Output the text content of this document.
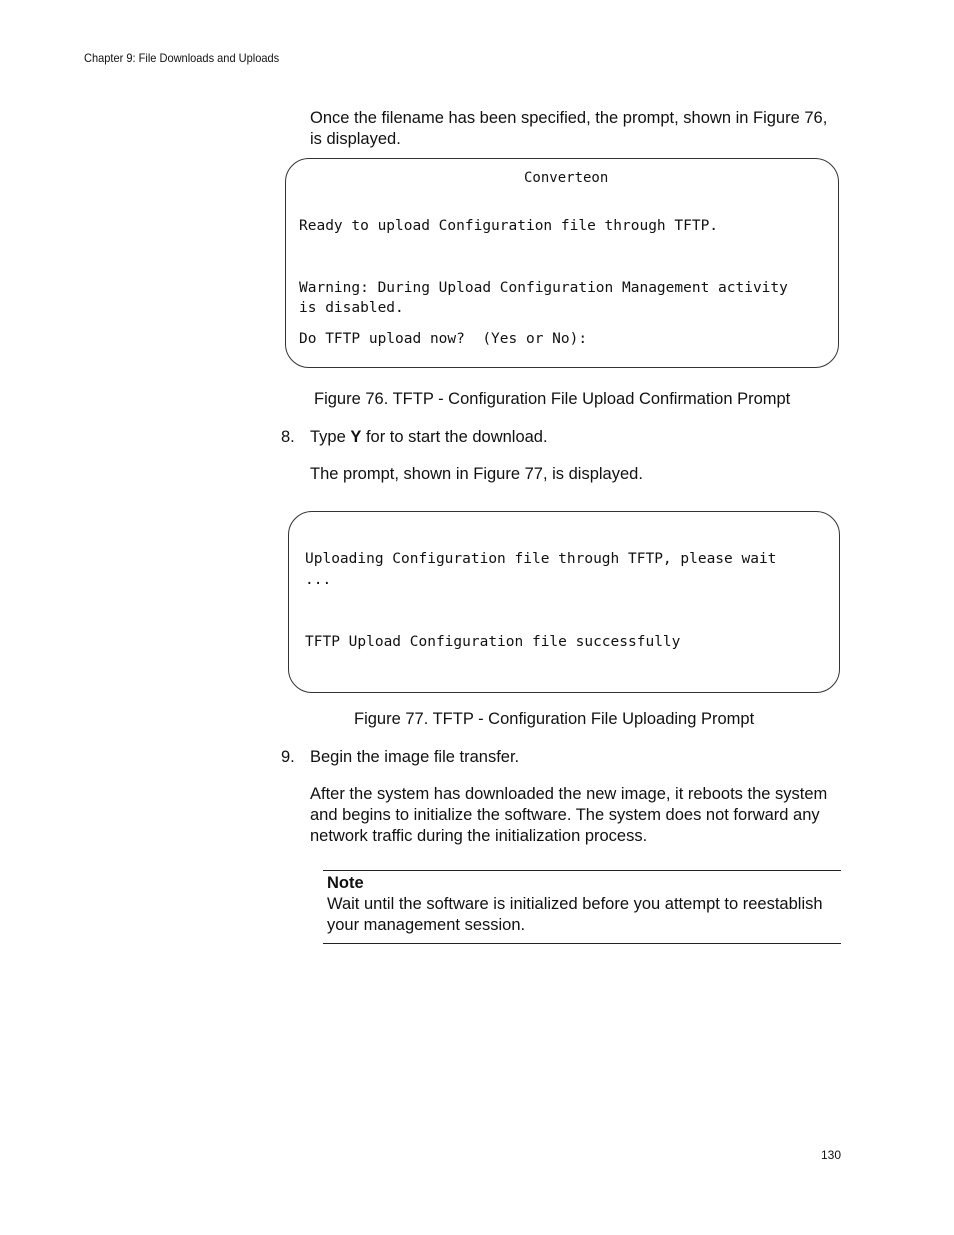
Chapter 9: File Downloads and Uploads
Once the filename has been specified, the prompt, shown in Figure 76,
is displayed.
Converteon
Ready to upload Configuration file through TFTP.
Warning: During Upload Configuration Management activity
is disabled.
Do TFTP upload now?  (Yes or No):
Figure 76. TFTP - Configuration File Upload Confirmation Prompt
8. Type Y for to start the download.
The prompt, shown in Figure 77, is displayed.
Uploading Configuration file through TFTP, please wait
...
TFTP Upload Configuration file successfully
Figure 77. TFTP - Configuration File Uploading Prompt
9. Begin the image file transfer.
After the system has downloaded the new image, it reboots the system
and begins to initialize the software. The system does not forward any
network traffic during the initialization process.
Note
Wait until the software is initialized before you attempt to reestablish
your management session.
130
